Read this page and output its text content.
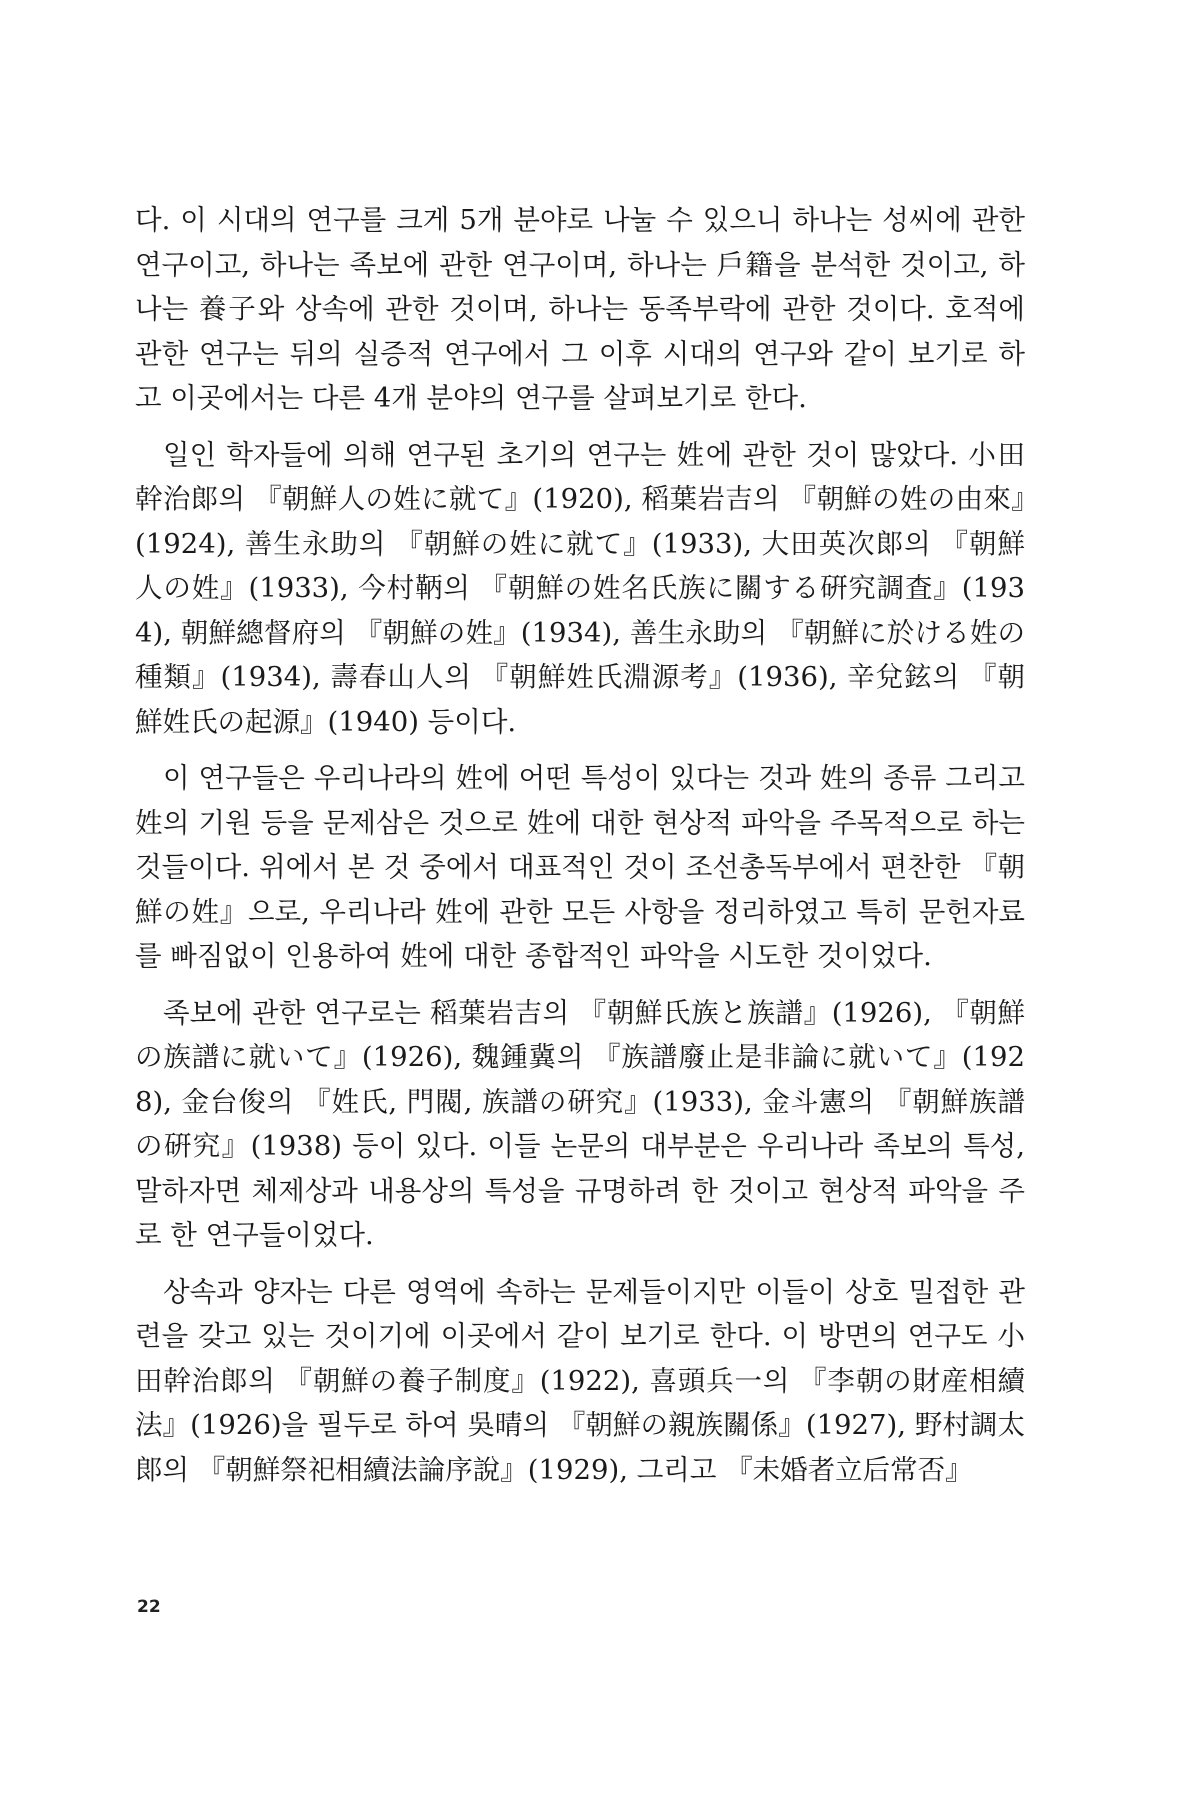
다. 이 시대의 연구를 크게 5개 분야로 나눌 수 있으니 하나는 성씨에 관한 연구이고, 하나는 족보에 관한 연구이며, 하나는 戶籍을 분석한 것이고, 하나는 養子와 상속에 관한 것이며, 하나는 동족부락에 관한 것이다. 호적에 관한 연구는 뒤의 실증적 연구에서 그 이후 시대의 연구와 같이 보기로 하고 이곳에서는 다른 4개 분야의 연구를 살펴보기로 한다.

일인 학자들에 의해 연구된 초기의 연구는 姓에 관한 것이 많았다. 小田幹治郞의 『朝鮮人の姓に就て』(1920), 稻葉岩吉의 『朝鮮の姓の由來』(1924), 善生永助의 『朝鮮の姓に就て』(1933), 大田英次郞의 『朝鮮人の姓』(1933), 今村鞆의 『朝鮮の姓名氏族に關する硏究調査』(1934), 朝鮮總督府의 『朝鮮の姓』(1934), 善生永助의 『朝鮮に於ける姓の種類』(1934), 壽春山人의 『朝鮮姓氏淵源考』(1936), 辛兌鉉의 『朝鮮姓氏の起源』(1940) 등이다.

이 연구들은 우리나라의 姓에 어떤 특성이 있다는 것과 姓의 종류 그리고 姓의 기원 등을 문제삼은 것으로 姓에 대한 현상적 파악을 주목적으로 하는 것들이다. 위에서 본 것 중에서 대표적인 것이 조선총독부에서 편찬한 『朝鮮の姓』으로, 우리나라 姓에 관한 모든 사항을 정리하였고 특히 문헌자료를 빠짐없이 인용하여 姓에 대한 종합적인 파악을 시도한 것이었다.

족보에 관한 연구로는 稻葉岩吉의 『朝鮮氏族と族譜』(1926), 『朝鮮の族譜に就いて』(1926), 魏鍾冀의 『族譜廢止是非論に就いて』(1928), 金台俊의 『姓氏, 門閥, 族譜の硏究』(1933), 金斗憲의 『朝鮮族譜の硏究』(1938) 등이 있다. 이들 논문의 대부분은 우리나라 족보의 특성, 말하자면 체제상과 내용상의 특성을 규명하려 한 것이고 현상적 파악을 주로 한 연구들이었다.

상속과 양자는 다른 영역에 속하는 문제들이지만 이들이 상호 밀접한 관련을 갖고 있는 것이기에 이곳에서 같이 보기로 한다. 이 방면의 연구도 小田幹治郞의 『朝鮮の養子制度』(1922), 喜頭兵一의 『李朝の財産相續法』(1926)을 필두로 하여 吳晴의 『朝鮮の親族關係』(1927), 野村調太郞의 『朝鮮祭祀相續法論序說』(1929), 그리고 『未婚者立后常否』

22
